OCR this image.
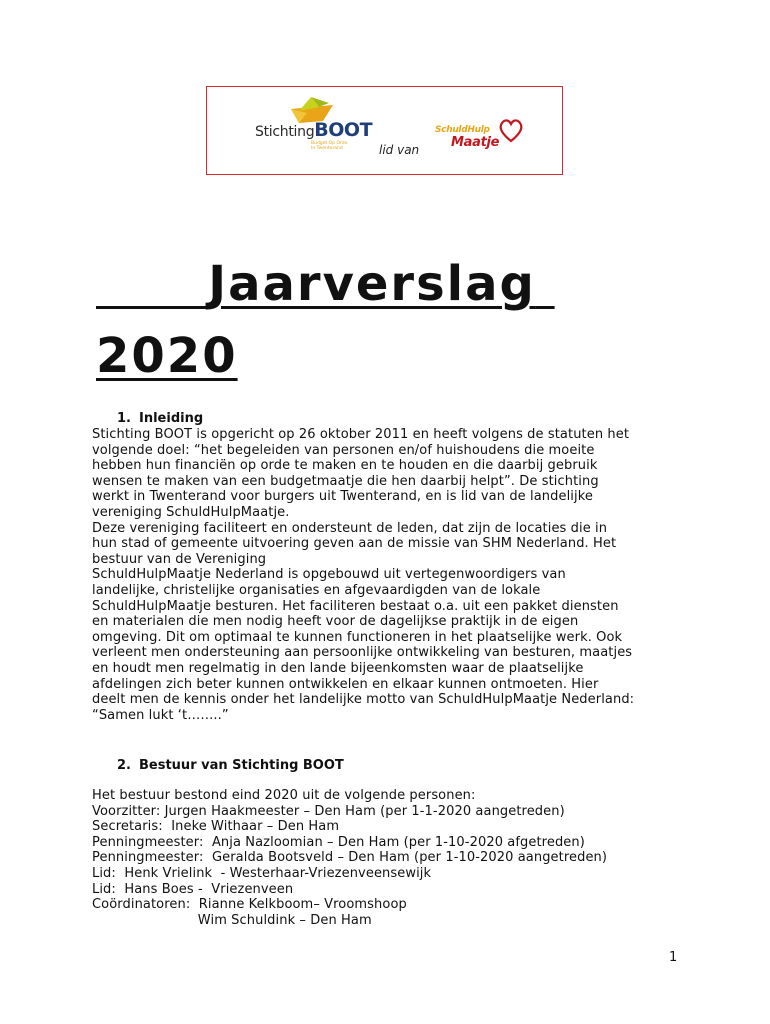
StichtingBOOT
Budget Op Orde In Twenterand	lid van
SchuldHulp
Maatje
Jaarverslag
2020
1. Inleiding
Stichting BOOT is opgericht op 26 oktober 2011 en heeft volgens de statuten het
volgende doel: “het begeleiden van personen en/of huishoudens die moeite
hebben hun financiën op orde te maken en te houden en die daarbij gebruik
wensen te maken van een budgetmaatje die hen daarbij helpt”. De stichting
werkt in Twenterand voor burgers uit Twenterand, en is lid van de landelijke
vereniging SchuldHulpMaatje.
Deze vereniging faciliteert en ondersteunt de leden, dat zijn de locaties die in
hun stad of gemeente uitvoering geven aan de missie van SHM Nederland. Het
bestuur van de Vereniging
SchuldHulpMaatje Nederland is opgebouwd uit vertegenwoordigers van
landelijke, christelijke organisaties en afgevaardigden van de lokale
SchuldHulpMaatje besturen. Het faciliteren bestaat o.a. uit een pakket diensten
en materialen die men nodig heeft voor de dagelijkse praktijk in de eigen
omgeving. Dit om optimaal te kunnen functioneren in het plaatselijke werk. Ook
verleent men ondersteuning aan persoonlijke ontwikkeling van besturen, maatjes
en houdt men regelmatig in den lande bijeenkomsten waar de plaatselijke
afdelingen zich beter kunnen ontwikkelen en elkaar kunnen ontmoeten. Hier
deelt men de kennis onder het landelijke motto van SchuldHulpMaatje Nederland:
“Samen lukt ‘t……..”
2. Bestuur van Stichting BOOT
Het bestuur bestond eind 2020 uit de volgende personen:
Voorzitter: Jurgen Haakmeester – Den Ham (per 1-1-2020 aangetreden)
Secretaris:  Ineke Withaar – Den Ham
Penningmeester:  Anja Nazloomian – Den Ham (per 1-10-2020 afgetreden)
Penningmeester:  Geralda Bootsveld – Den Ham (per 1-10-2020 aangetreden)
Lid:  Henk Vrielink  - Westerhaar-Vriezenveensewijk
Lid:  Hans Boes -  Vriezenveen
Coördinatoren:  Rianne Kelkboom– Vroomshoop
Wim Schuldink – Den Ham
1
